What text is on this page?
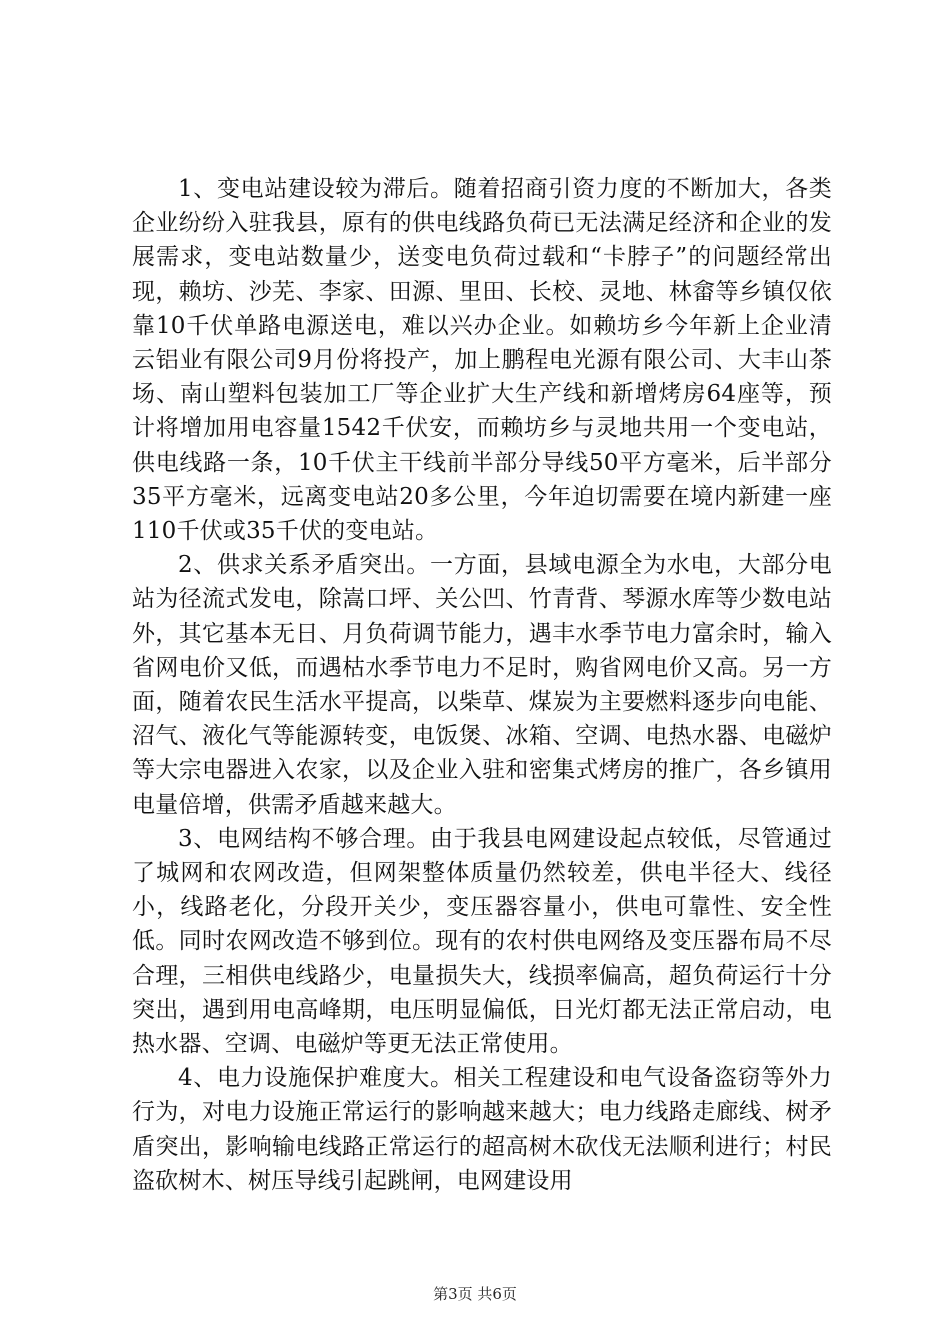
1、变电站建设较为滞后。随着招商引资力度的不断加大，各类企业纷纷入驻我县，原有的供电线路负荷已无法满足经济和企业的发展需求，变电站数量少，送变电负荷过载和“卡脖子”的问题经常出现，赖坊、沙芜、李家、田源、里田、长校、灵地、林畲等乡镇仅依靠10千伏单路电源送电，难以兴办企业。如赖坊乡今年新上企业清云铝业有限公司9月份将投产，加上鹏程电光源有限公司、大丰山茶场、南山塑料包装加工厂等企业扩大生产线和新增烤房64座等，预计将增加用电容量1542千伏安，而赖坊乡与灵地共用一个变电站，供电线路一条，10千伏主干线前半部分导线50平方毫米，后半部分35平方毫米，远离变电站20多公里，今年迫切需要在境内新建一座110千伏或35千伏的变电站。

2、供求关系矛盾突出。一方面，县域电源全为水电，大部分电站为径流式发电，除嵩口坪、关公凹、竹青背、琴源水库等少数电站外，其它基本无日、月负荷调节能力，遇丰水季节电力富余时，输入省网电价又低，而遇枯水季节电力不足时，购省网电价又高。另一方面，随着农民生活水平提高，以柴草、煤炭为主要燃料逐步向电能、沼气、液化气等能源转变，电饭煲、冰箱、空调、电热水器、电磁炉等大宗电器进入农家，以及企业入驻和密集式烤房的推广，各乡镇用电量倍增，供需矛盾越来越大。

3、电网结构不够合理。由于我县电网建设起点较低，尽管通过了城网和农网改造，但网架整体质量仍然较差，供电半径大、线径小，线路老化，分段开关少，变压器容量小，供电可靠性、安全性低。同时农网改造不够到位。现有的农村供电网络及变压器布局不尽合理，三相供电线路少，电量损失大，线损率偏高，超负荷运行十分突出，遇到用电高峰期，电压明显偏低，日光灯都无法正常启动，电热水器、空调、电磁炉等更无法正常使用。

4、电力设施保护难度大。相关工程建设和电气设备盗窃等外力行为，对电力设施正常运行的影响越来越大；电力线路走廊线、树矛盾突出，影响输电线路正常运行的超高树木砍伐无法顺利进行；村民盗砍树木、树压导线引起跳闸，电网建设用

第3页 共6页
